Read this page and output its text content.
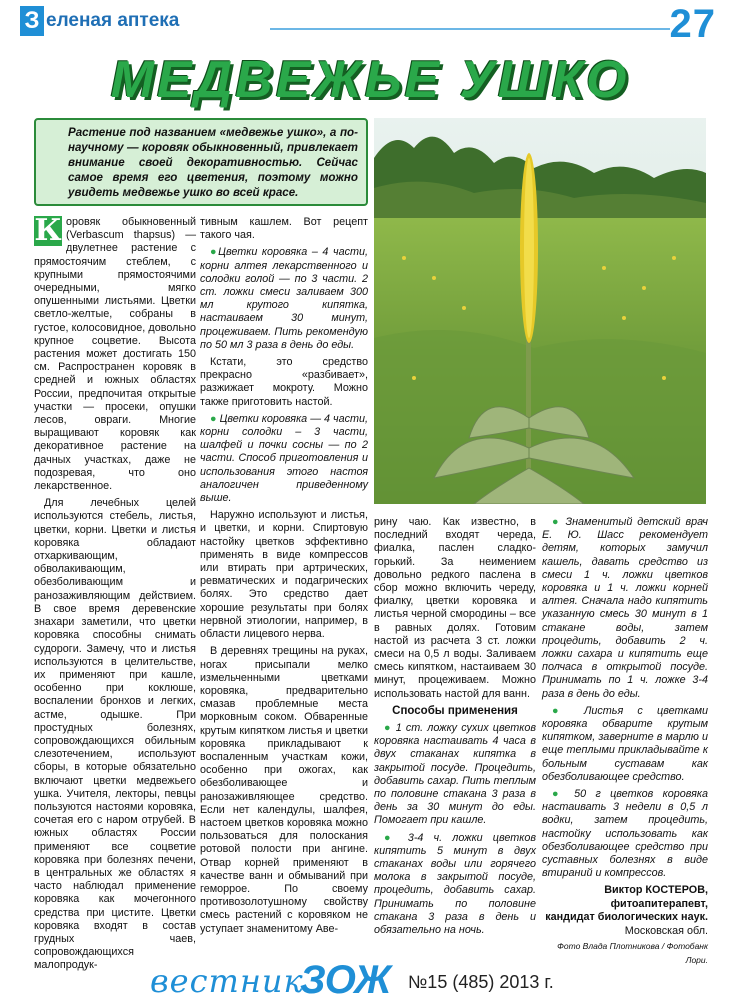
З еленая аптека	27
МЕДВЕЖЬЕ УШКО
Растение под названием «медвежье ушко», а по-научному — коровяк обыкновенный, привлекает внимание своей декоративностью. Сейчас самое время его цветения, поэтому можно увидеть медвежье ушко во всей красе.

К оровяк обыкновенный (Verbascum thapsus) — двулетнее растение с прямостоячим стеблем, с крупными прямостоячими очередными, мягко опушенными листьями. Цветки светло-желтые, собраны в густое, колосовидное, довольно крупное соцветие. Высота растения может достигать 150 см. Распространен коровяк в средней и южных областях России, предпочитая открытые участки — просеки, опушки лесов, овраги. Многие выращивают коровяк как декоративное растение на дачных участках, даже не подозревая, что оно лекарственное.

Для лечебных целей используются стебель, листья, цветки, корни. Цветки и листья коровяка обладают отхаркивающим, обволакивающим, обезболивающим и ранозаживляющим действием. В свое время деревенские знахари заметили, что цветки коровяка способны снимать судороги. Замечу, что и листья используются в целительстве, их применяют при кашле, особенно при коклюше, воспалении бронхов и легких, астме, одышке. При простудных болезнях, сопровождающихся обильным слезотечением, используют сборы, в которые обязательно включают цветки медвежьего ушка. Учителя, лекторы, певцы пользуются настоями коровяка, сочетая его с наром отрубей. В южных областях России применяют все соцветие коровяка при болезнях печени, в центральных же областях я часто наблюдал применение коровяка как мочегонного средства при цистите. Цветки коровяка входят в состав грудных чаев, сопровождающихся малопродук-

тивным кашлем. Вот рецепт такого чая.

●Цветки коровяка – 4 части, корни алтея лекарственного и солодки голой — по 3 части. 2 ст. ложки смеси заливаем 300 мл крутого кипятка, настаиваем 30 минут, процеживаем. Пить рекомендую по 50 мл 3 раза в день до еды.

Кстати, это средство прекрасно «разбивает», разжижает мокроту. Можно также приготовить настой.

● Цветки коровяка — 4 части, корни солодки – 3 части, шалфей и почки сосны — по 2 части. Способ приготовления и использования этого настоя аналогичен приведенному выше.

Наружно используют и листья, и цветки, и корни. Спиртовую настойку цветков эффективно применять в виде компрессов или втирать при артрических, ревматических и подагрических болях. Это средство дает хорошие результаты при болях нервной этиологии, например, в области лицевого нерва.

В деревнях трещины на руках, ногах присыпали мелко измельченными цветками коровяка, предварительно смазав проблемные места морковным соком. Обваренные крутым кипятком листья и цветки коровяка прикладывают к воспаленным участкам кожи, особенно при ожогах, как обезболивающее и ранозаживляющее средство. Если нет календулы, шалфея, настоем цветков коровяка можно пользоваться для полоскания ротовой полости при ангине. Отвар корней применяют в качестве ванн и обмываний при геморрое. По своему противозолотушному свойству смесь растений с коровяком не уступает знаменитому Аве-

рину чаю. Как известно, в последний входят череда, фиалка, паслен сладко-горький. За неимением довольно редкого паслена в сбор можно включить череду, фиалку, цветки коровяка и листья черной смородины – все в равных долях. Готовим настой из расчета 3 ст. ложки смеси на 0,5 л воды. Заливаем смесь кипятком, настаиваем 30 минут, процеживаем. Можно использовать настой для ванн.

Способы применения

● 1 ст. ложку сухих цветков коровяка настаивать 4 часа в двух стаканах кипятка в закрытой посуде. Процедить, добавить сахар. Пить теплым по половине стакана 3 раза в день за 30 минут до еды. Помогает при кашле.

● 3-4 ч. ложки цветков кипятить 5 минут в двух стаканах воды или горячего молока в закрытой посуде, процедить, добавить сахар. Принимать по половине стакана 3 раза в день и обязательно на ночь.

● Знаменитый детский врач Е. Ю. Шасс рекомендует детям, которых замучил кашель, давать средство из смеси 1 ч. ложки цветков коровяка и 1 ч. ложки корней алтея. Сначала надо кипятить указанную смесь 30 минут в 1 стакане воды, затем процедить, добавить 2 ч. ложки сахара и кипятить еще полчаса в открытой посуде. Принимать по 1 ч. ложке 3-4 раза в день до еды.

● Листья с цветками коровяка обварите крутым кипятком, заверните в марлю и еще теплыми прикладывайте к больным суставам как обезболивающее средство.

● 50 г цветков коровяка настаивать 3 недели в 0,5 л водки, затем процедить, настойку использовать как обезболивающее средство при суставных болезнях в виде втираний и компрессов.

Виктор КОСТЕРОВ,
фитоапитерапевт,
кандидат биологических наук.
Московская обл.
Фото Влада Плотникова / Фотобанк Лори.
вестник
ЗОЖ №15 (485) 2013 г.
